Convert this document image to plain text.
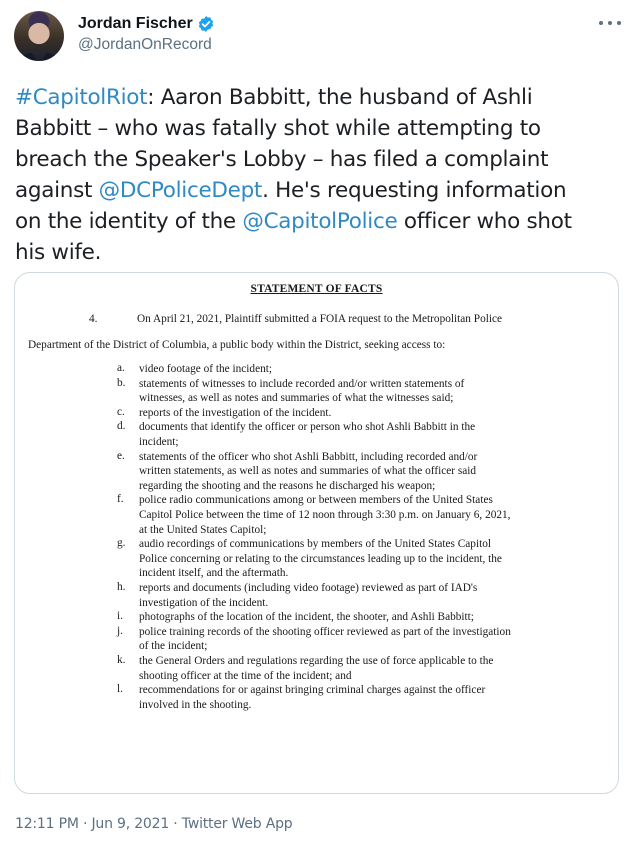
Jordan Fischer
@JordanOnRecord
#CapitolRiot: Aaron Babbitt, the husband of Ashli
Babbitt – who was fatally shot while attempting to
breach the Speaker's Lobby – has filed a complaint
against @DCPoliceDept. He's requesting information
on the identity of the @CapitolPolice officer who shot
his wife.
STATEMENT OF FACTS
4.	On April 21, 2021, Plaintiff submitted a FOIA request to the Metropolitan Police
Department of the District of Columbia, a public body within the District, seeking access to:
a. video footage of the incident;
b. statements of witnesses to include recorded and/or written statements of
witnesses, as well as notes and summaries of what the witnesses said;
c. reports of the investigation of the incident.
d. documents that identify the officer or person who shot Ashli Babbitt in the
incident;
e. statements of the officer who shot Ashli Babbitt, including recorded and/or
written statements, as well as notes and summaries of what the officer said
regarding the shooting and the reasons he discharged his weapon;
f. police radio communications among or between members of the United States
Capitol Police between the time of 12 noon through 3:30 p.m. on January 6, 2021,
at the United States Capitol;
g. audio recordings of communications by members of the United States Capitol
Police concerning or relating to the circumstances leading up to the incident, the
incident itself, and the aftermath.
h. reports and documents (including video footage) reviewed as part of IAD's
investigation of the incident.
i. photographs of the location of the incident, the shooter, and Ashli Babbitt;
j. police training records of the shooting officer reviewed as part of the investigation
of the incident;
k. the General Orders and regulations regarding the use of force applicable to the
shooting officer at the time of the incident; and
l. recommendations for or against bringing criminal charges against the officer
involved in the shooting.
12:11 PM · Jun 9, 2021 · Twitter Web App
